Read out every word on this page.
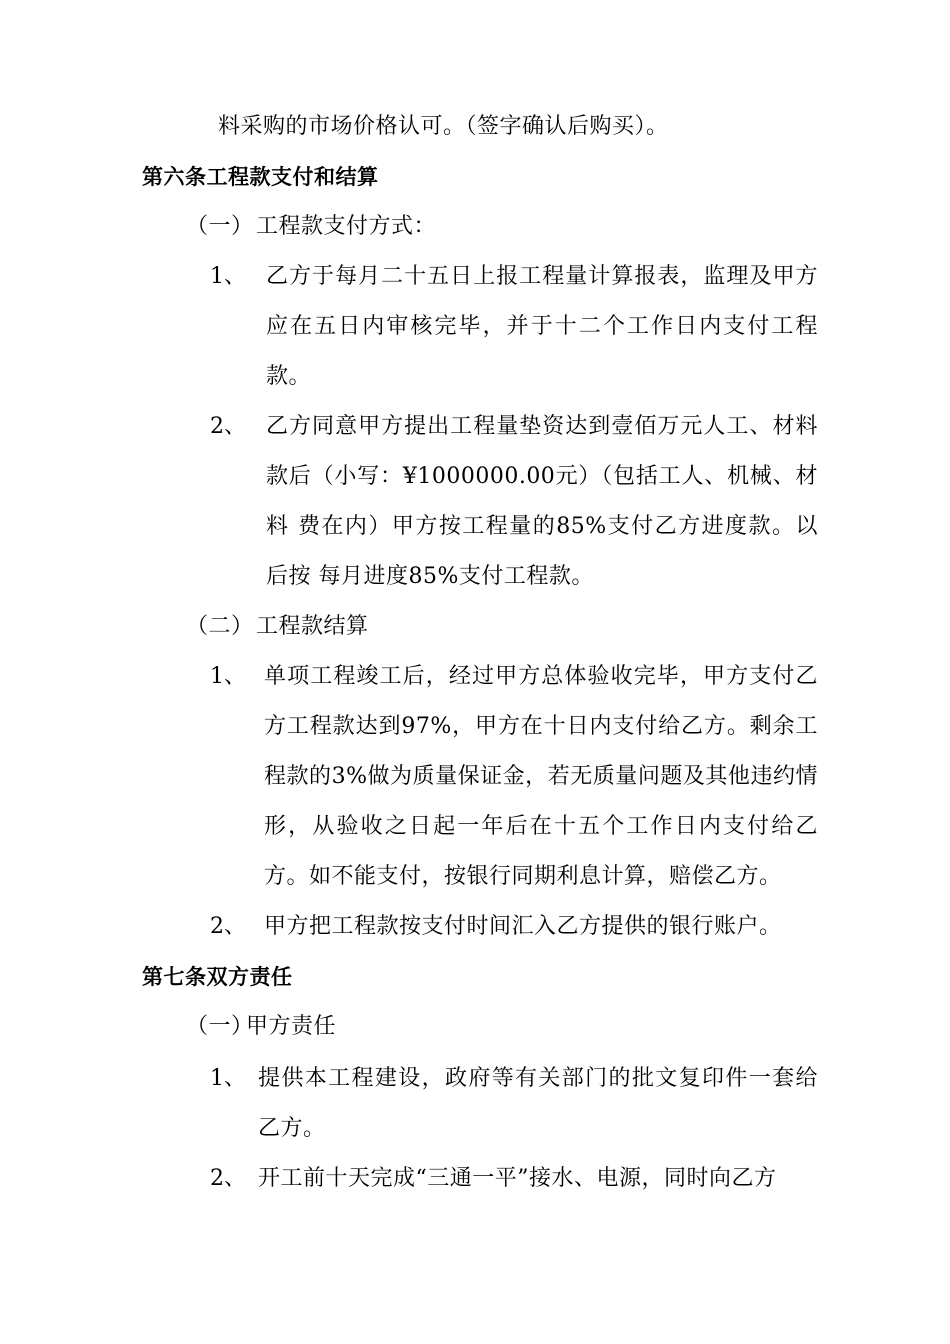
料采购的市场价格认可。（签字确认后购买）。
第六条工程款支付和结算
（一） 工程款支付方式：
1、 乙方于每月二十五日上报工程量计算报表，监理及甲方应在五日内审核完毕，并于十二个工作日内支付工程款。
2、 乙方同意甲方提出工程量垫资达到壹佰万元人工、材料款后（小写：¥1000000.00元）（包括工人、机械、材料 费在内）甲方按工程量的85%支付乙方进度款。以后按 每月进度85%支付工程款。
（二） 工程款结算
1、 单项工程竣工后，经过甲方总体验收完毕，甲方支付乙方工程款达到97%，甲方在十日内支付给乙方。剩余工程款的3%做为质量保证金，若无质量问题及其他违约情形，从验收之日起一年后在十五个工作日内支付给乙方。如不能支付，按银行同期利息计算，赔偿乙方。
2、 甲方把工程款按支付时间汇入乙方提供的银行账户。
第七条双方责任
（一）
甲方责任
1、 提供本工程建设，政府等有关部门的批文复印件一套给乙方。
2、 开工前十天完成“三通一平”接水、电源，同时向乙方
